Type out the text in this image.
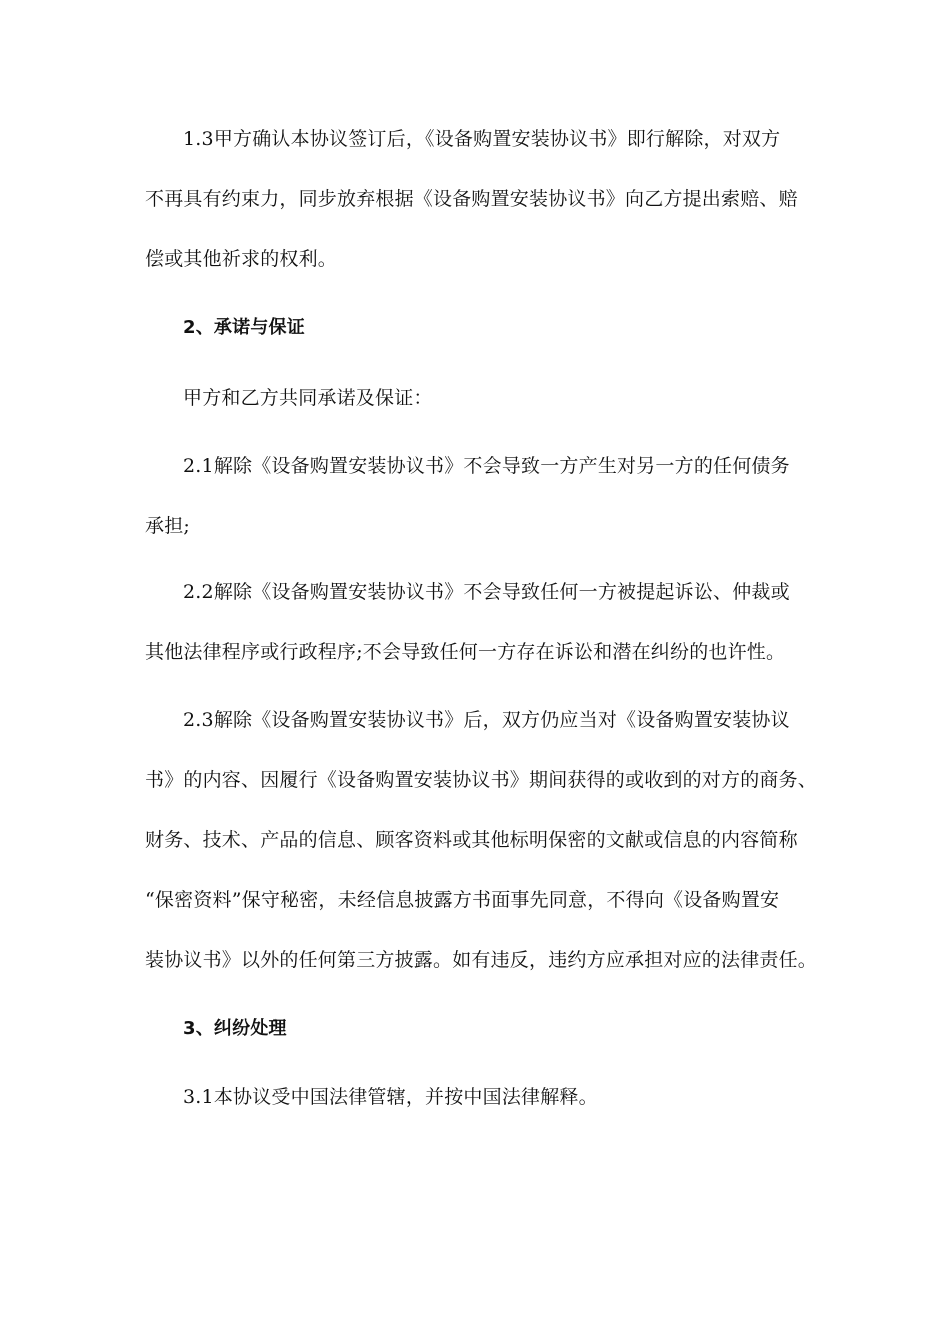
1.3甲方确认本协议签订后，《设备购置安装协议书》即行解除，对双方
不再具有约束力，同步放弃根据《设备购置安装协议书》向乙方提出索赔、赔
偿或其他祈求的权利。
2、承诺与保证
甲方和乙方共同承诺及保证：
2.1解除《设备购置安装协议书》不会导致一方产生对另一方的任何债务
承担;
2.2解除《设备购置安装协议书》不会导致任何一方被提起诉讼、仲裁或
其他法律程序或行政程序;不会导致任何一方存在诉讼和潜在纠纷的也许性。
2.3解除《设备购置安装协议书》后，双方仍应当对《设备购置安装协议
书》的内容、因履行《设备购置安装协议书》期间获得的或收到的对方的商务、
财务、技术、产品的信息、顾客资料或其他标明保密的文献或信息的内容简称
“保密资料”保守秘密，未经信息披露方书面事先同意，不得向《设备购置安
装协议书》以外的任何第三方披露。如有违反，违约方应承担对应的法律责任。
3、纠纷处理
3.1本协议受中国法律管辖，并按中国法律解释。
